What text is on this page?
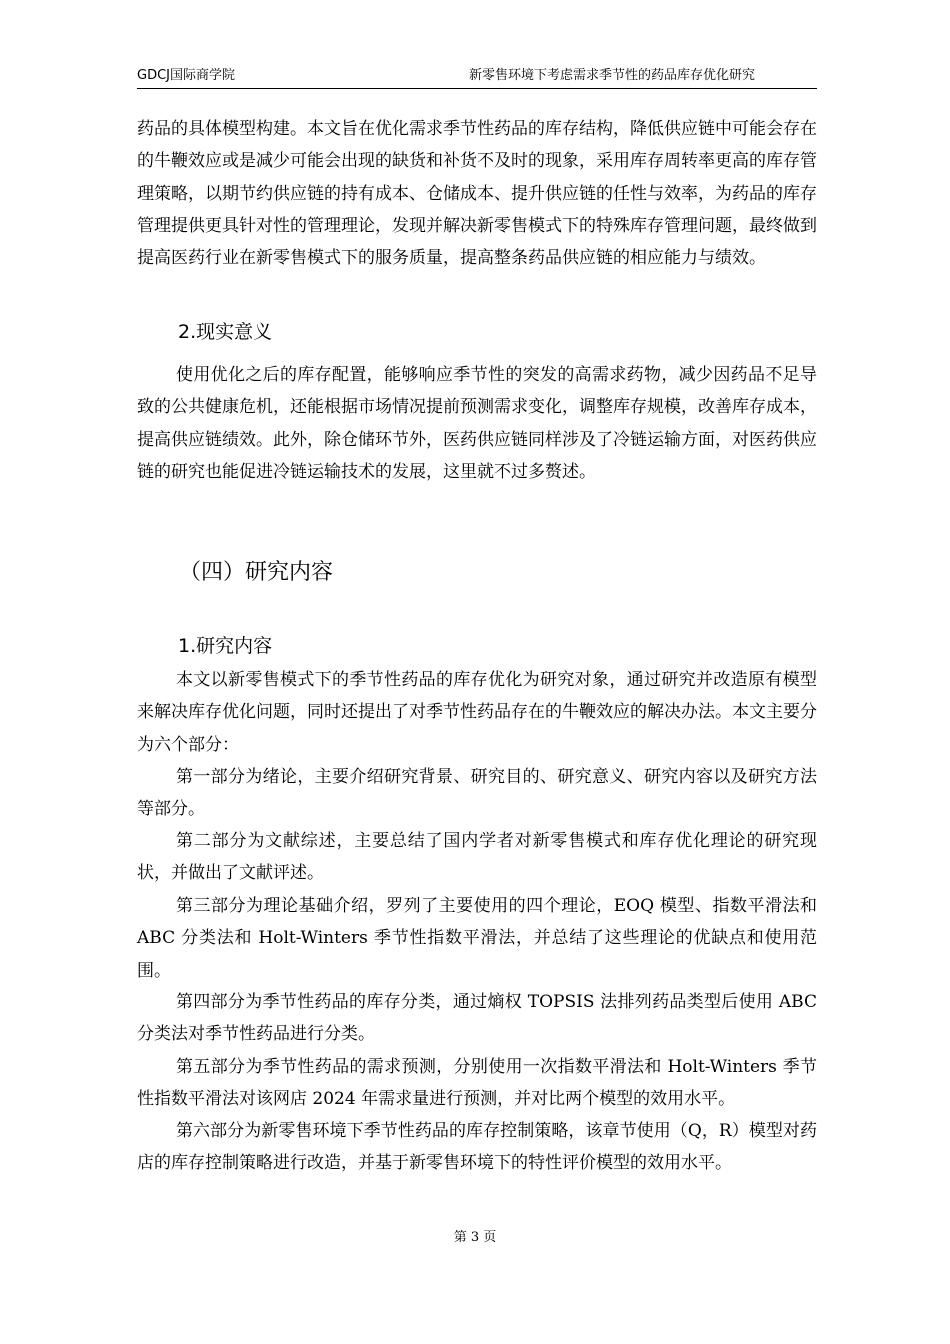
GDCJ国际商学院	新零售环境下考虑需求季节性的药品库存优化研究

药品的具体模型构建。本文旨在优化需求季节性药品的库存结构，降低供应链中可能会存在的牛鞭效应或是减少可能会出现的缺货和补货不及时的现象，采用库存周转率更高的库存管理策略，以期节约供应链的持有成本、仓储成本、提升供应链的任性与效率，为药品的库存管理提供更具针对性的管理理论，发现并解决新零售模式下的特殊库存管理问题，最终做到提高医药行业在新零售模式下的服务质量，提高整条药品供应链的相应能力与绩效。

2.现实意义

使用优化之后的库存配置，能够响应季节性的突发的高需求药物，减少因药品不足导致的公共健康危机，还能根据市场情况提前预测需求变化，调整库存规模，改善库存成本，提高供应链绩效。此外，除仓储环节外，医药供应链同样涉及了冷链运输方面，对医药供应链的研究也能促进冷链运输技术的发展，这里就不过多赘述。

（四）研究内容
1.研究内容

本文以新零售模式下的季节性药品的库存优化为研究对象，通过研究并改造原有模型来解决库存优化问题，同时还提出了对季节性药品存在的牛鞭效应的解决办法。本文主要分为六个部分：

第一部分为绪论，主要介绍研究背景、研究目的、研究意义、研究内容以及研究方法等部分。

第二部分为文献综述，主要总结了国内学者对新零售模式和库存优化理论的研究现状，并做出了文献评述。

第三部分为理论基础介绍，罗列了主要使用的四个理论，EOQ 模型、指数平滑法和 ABC 分类法和 Holt-Winters 季节性指数平滑法，并总结了这些理论的优缺点和使用范围。

第四部分为季节性药品的库存分类，通过熵权 TOPSIS 法排列药品类型后使用 ABC 分类法对季节性药品进行分类。

第五部分为季节性药品的需求预测，分别使用一次指数平滑法和 Holt-Winters 季节性指数平滑法对该网店 2024 年需求量进行预测，并对比两个模型的效用水平。

第六部分为新零售环境下季节性药品的库存控制策略，该章节使用（Q，R）模型对药店的库存控制策略进行改造，并基于新零售环境下的特性评价模型的效用水平。

第 3 页
